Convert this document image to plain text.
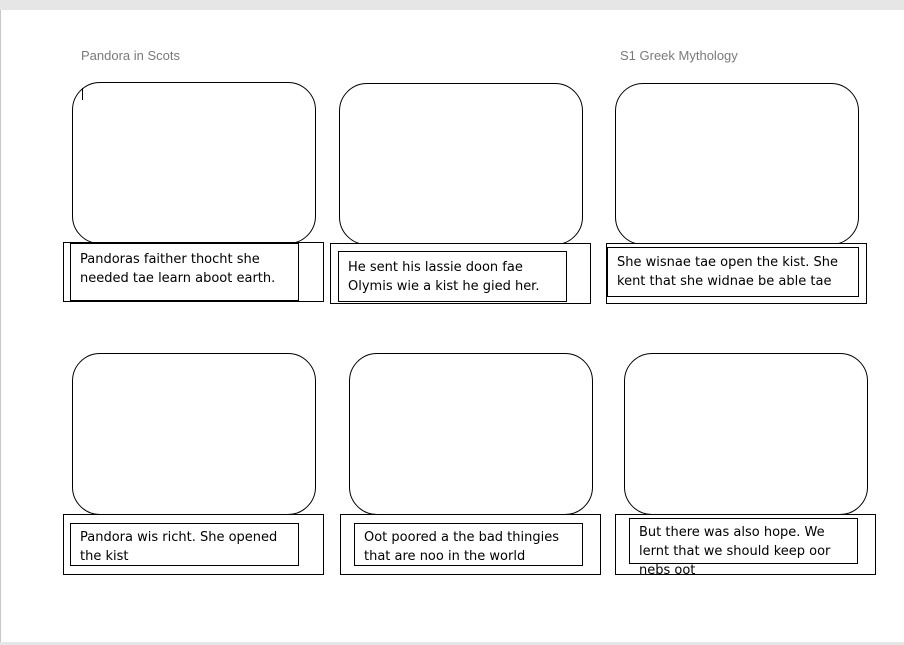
Pandora in Scots	S1 Greek Mythology
Pandoras faither thocht she needed tae learn aboot earth.
He sent his lassie doon fae Olymis wie a kist he gied her.
She wisnae tae open the kist. She kent that she widnae be able tae
Pandora wis richt. She opened the kist
Oot poored a the bad thingies that are noo in the world
But there was also hope. We lernt that we should keep oor nebs oot
